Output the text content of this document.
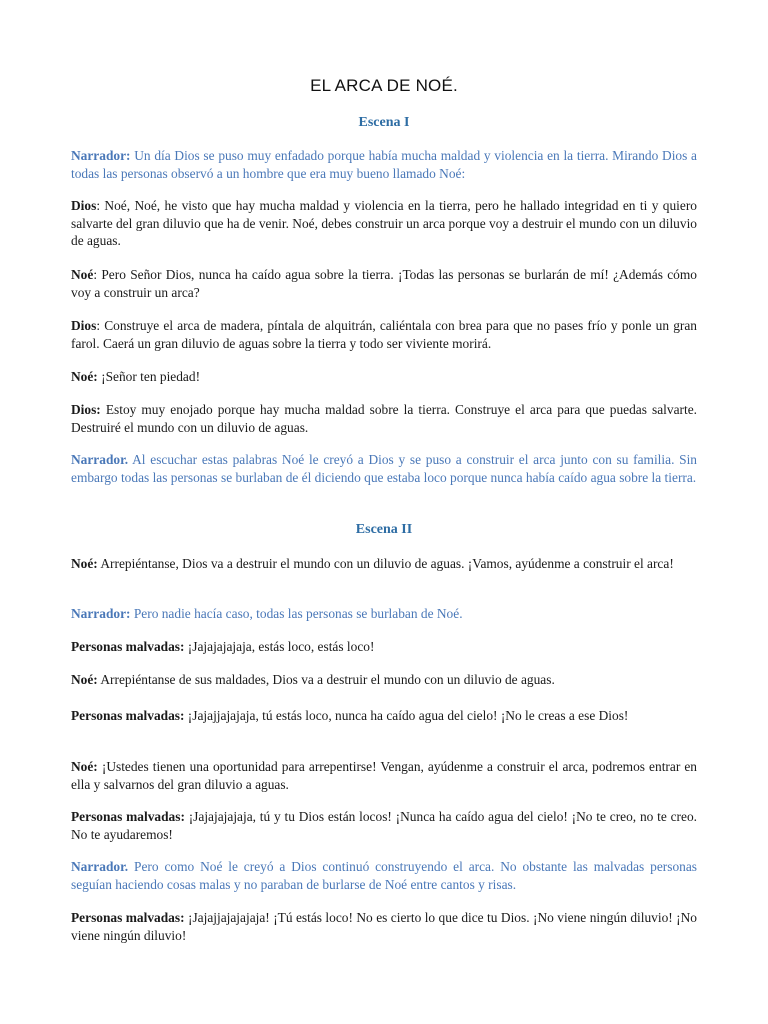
EL ARCA DE NOÉ.
Escena I

Narrador: Un día Dios se puso muy enfadado porque había mucha maldad y violencia en la tierra. Mirando Dios a todas las personas observó a un hombre que era muy bueno llamado Noé:

Dios: Noé, Noé, he visto que hay mucha maldad y violencia en la tierra, pero he hallado integridad en ti y quiero salvarte del gran diluvio que ha de venir. Noé, debes construir un arca porque voy a destruir el mundo con un diluvio de aguas.

Noé: Pero Señor Dios, nunca ha caído agua sobre la tierra. ¡Todas las personas se burlarán de mí! ¿Además cómo voy a construir un arca?

Dios: Construye el arca de madera, píntala de alquitrán, caliéntala con brea para que no pases frío y ponle un gran farol. Caerá un gran diluvio de aguas sobre la tierra y todo ser viviente morirá.

Noé: ¡Señor ten piedad!

Dios: Estoy muy enojado porque hay mucha maldad sobre la tierra. Construye el arca para que puedas salvarte. Destruiré el mundo con un diluvio de aguas.

Narrador. Al escuchar estas palabras Noé le creyó a Dios y se puso a construir el arca junto con su familia. Sin embargo todas las personas se burlaban de él diciendo que estaba loco porque nunca había caído agua sobre la tierra.

Escena II

Noé: Arrepiéntanse, Dios va a destruir el mundo con un diluvio de aguas. ¡Vamos, ayúdenme a construir el arca!

Narrador: Pero nadie hacía caso, todas las personas se burlaban de Noé.

Personas malvadas: ¡Jajajajajaja, estás loco, estás loco!

Noé: Arrepiéntanse de sus maldades, Dios va a destruir el mundo con un diluvio de aguas.

Personas malvadas: ¡Jajajjajajaja, tú estás loco, nunca ha caído agua del cielo! ¡No le creas a ese Dios!

Noé: ¡Ustedes tienen una oportunidad para arrepentirse! Vengan, ayúdenme a construir el arca, podremos entrar en ella y salvarnos del gran diluvio a aguas.

Personas malvadas: ¡Jajajajajaja, tú y tu Dios están locos! ¡Nunca ha caído agua del cielo! ¡No te creo, no te creo. No te ayudaremos!

Narrador. Pero como Noé le creyó a Dios continuó construyendo el arca. No obstante las malvadas personas seguían haciendo cosas malas y no paraban de burlarse de Noé entre cantos y risas.

Personas malvadas: ¡Jajajjajajajaja! ¡Tú estás loco! No es cierto lo que dice tu Dios. ¡No viene ningún diluvio! ¡No viene ningún diluvio!
